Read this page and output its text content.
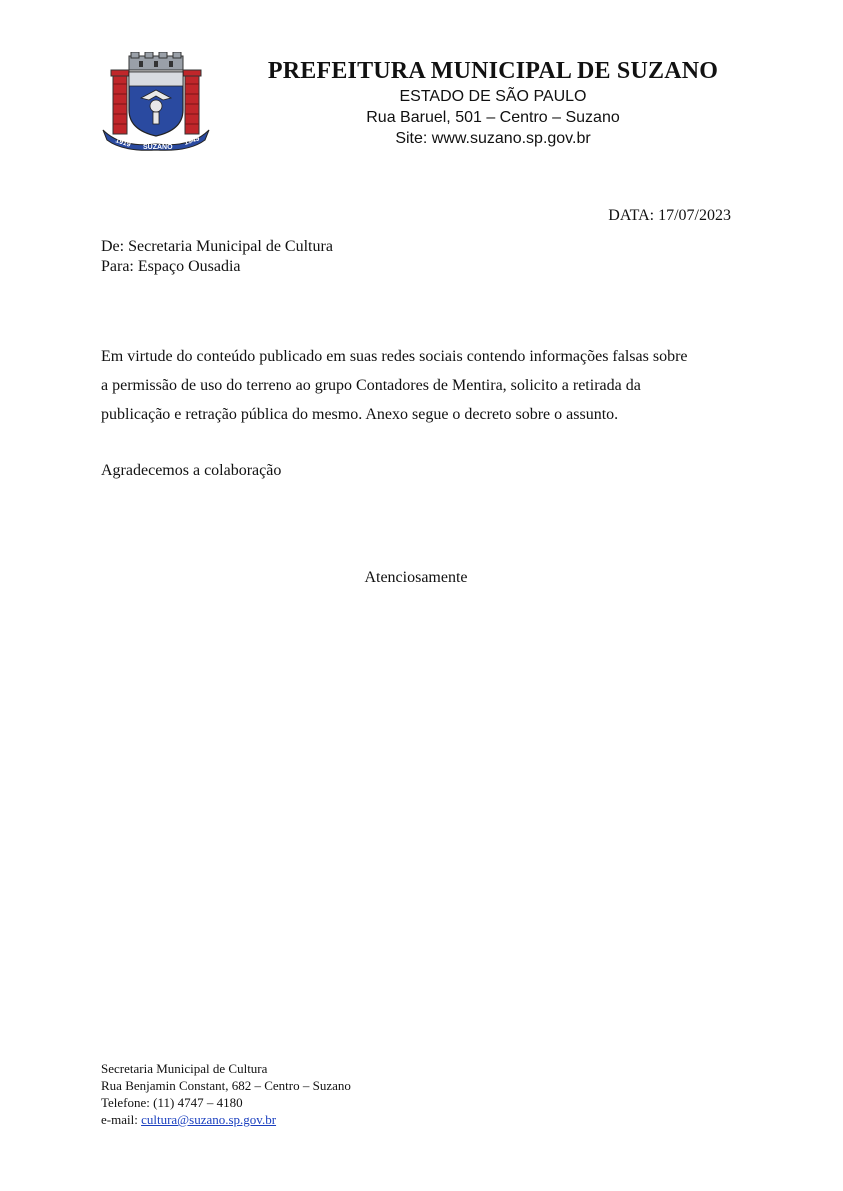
1919	1949
SUZANO
PREFEITURA MUNICIPAL DE SUZANO
ESTADO DE SÃO PAULO
Rua Baruel, 501 – Centro – Suzano
Site: www.suzano.sp.gov.br
DATA: 17/07/2023
De: Secretaria Municipal de Cultura
Para: Espaço Ousadia
Em virtude do conteúdo publicado em suas redes sociais contendo informações falsas sobre
a permissão de uso do terreno ao grupo Contadores de Mentira, solicito a retirada da
publicação e retração pública do mesmo. Anexo segue o decreto sobre o assunto.
Agradecemos a colaboração
Atenciosamente
Secretaria Municipal de Cultura
Rua Benjamin Constant, 682 – Centro – Suzano
Telefone: (11) 4747 – 4180
e-mail: cultura@suzano.sp.gov.br
